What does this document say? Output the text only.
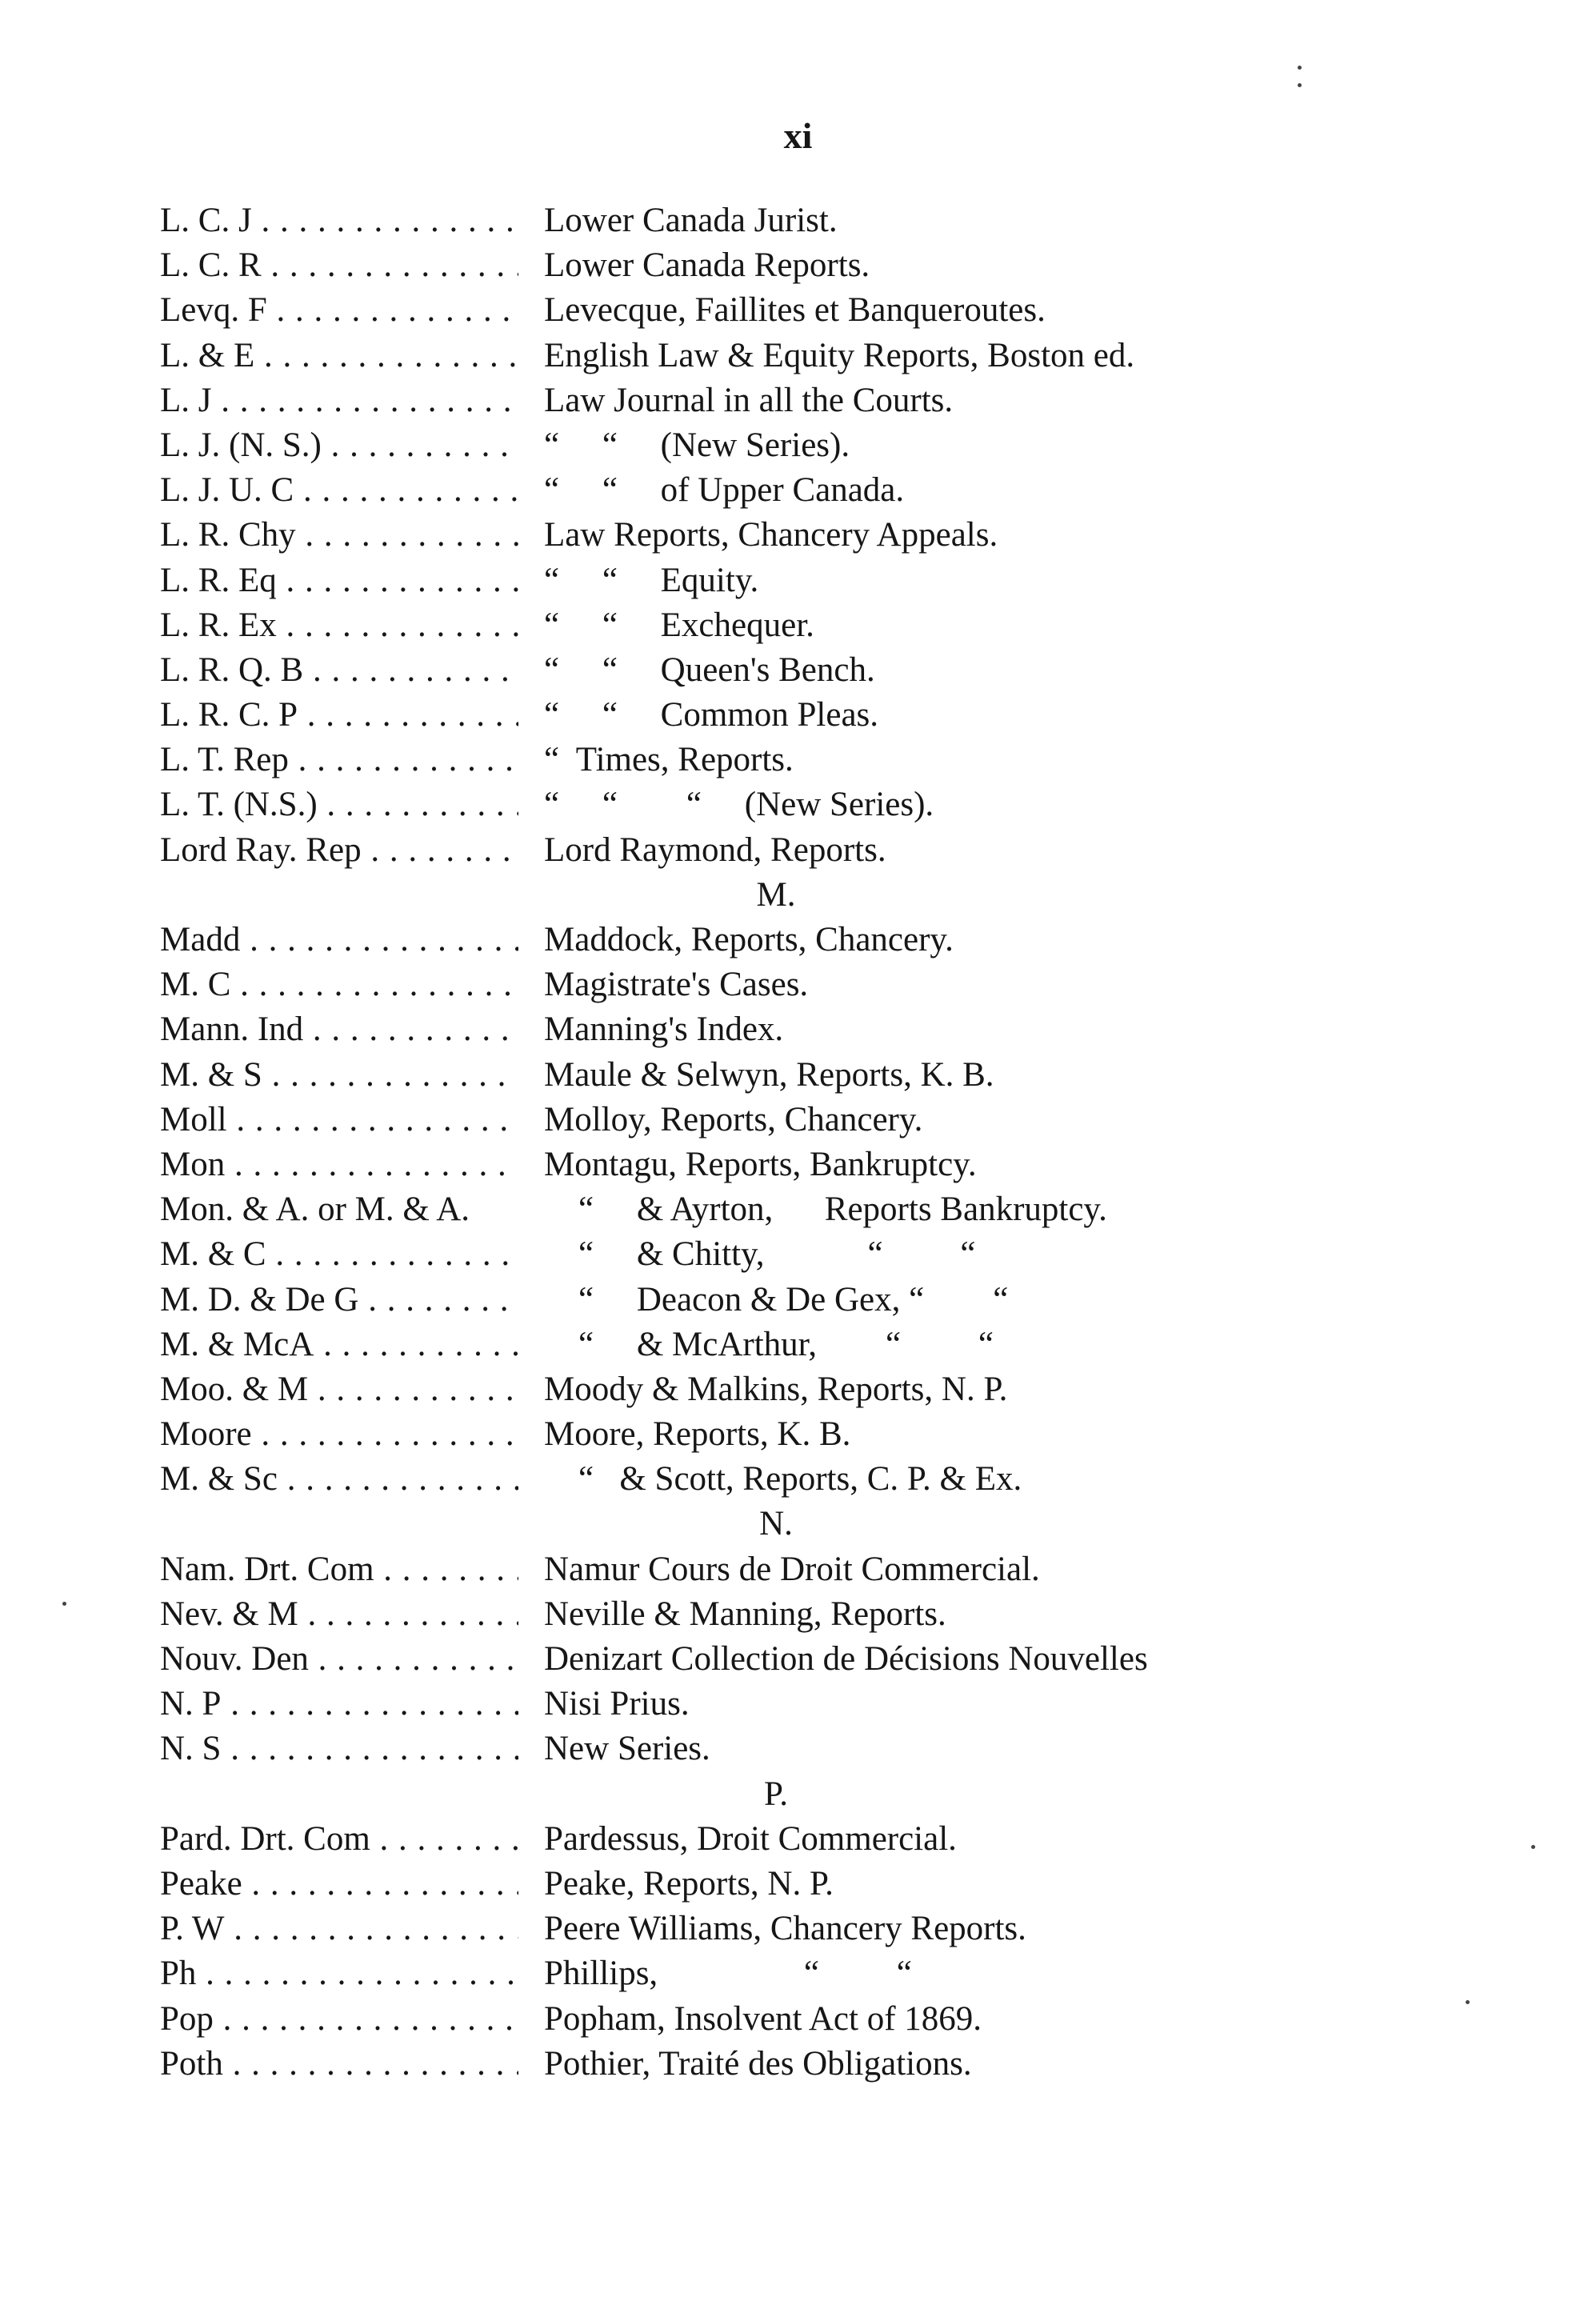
xi
L. C. J . . .	Lower Canada Jurist.
L. C. R . . .	Lower Canada Reports.
Levq. F . . .	Levecque, Faillites et Banqueroutes.
L. & E . . .	English Law & Equity Reports, Boston ed.
L. J . . .	Law Journal in all the Courts.
L. J. (N. S.) . . .	“     “     (New Series).
L. J. U. C . . .	“     “     of Upper Canada.
L. R. Chy . . .	Law Reports, Chancery Appeals.
L. R. Eq . . .	“     “     Equity.
L. R. Ex . . .	“     “     Exchequer.
L. R. Q. B . . .	“     “     Queen's Bench.
L. R. C. P . . .	“     “     Common Pleas.
L. T. Rep . . .	“  Times, Reports.
L. T. (N.S.) . . .	“     “        “     (New Series).
Lord Ray. Rep . . .	Lord Raymond, Reports.
M.
Madd . . .	Maddock, Reports, Chancery.
M. C . . .	Magistrate's Cases.
Mann. Ind . . .	Manning's Index.
M. & S . . .	Maule & Selwyn, Reports, K. B.
Moll . . .	Molloy, Reports, Chancery.
Mon . . .	Montagu, Reports, Bankruptcy.
Mon. & A. or M. & A.	“     & Ayrton,      Reports Bankruptcy.
M. & C . . .	“     & Chitty,            “         “
M. D. & De G . . .	“     Deacon & De Gex, “        “
M. & McA . . .	“     & McArthur,        “         “
Moo. & M . . .	Moody & Malkins, Reports, N. P.
Moore . . .	Moore, Reports, K. B.
M. & Sc . . .	“   & Scott, Reports, C. P. & Ex.
N.
Nam. Drt. Com . . .	Namur Cours de Droit Commercial.
Nev. & M . . .	Neville & Manning, Reports.
Nouv. Den . . .	Denizart Collection de Décisions Nouvelles
N. P . . .	Nisi Prius.
N. S . . .	New Series.
P.
Pard. Drt. Com . . .	Pardessus, Droit Commercial.
Peake . . .	Peake, Reports, N. P.
P. W . . .	Peere Williams, Chancery Reports.
Ph . . .	Phillips,                 “         “
Pop . . .	Popham, Insolvent Act of 1869.
Poth . . .	Pothier, Traité des Obligations.
